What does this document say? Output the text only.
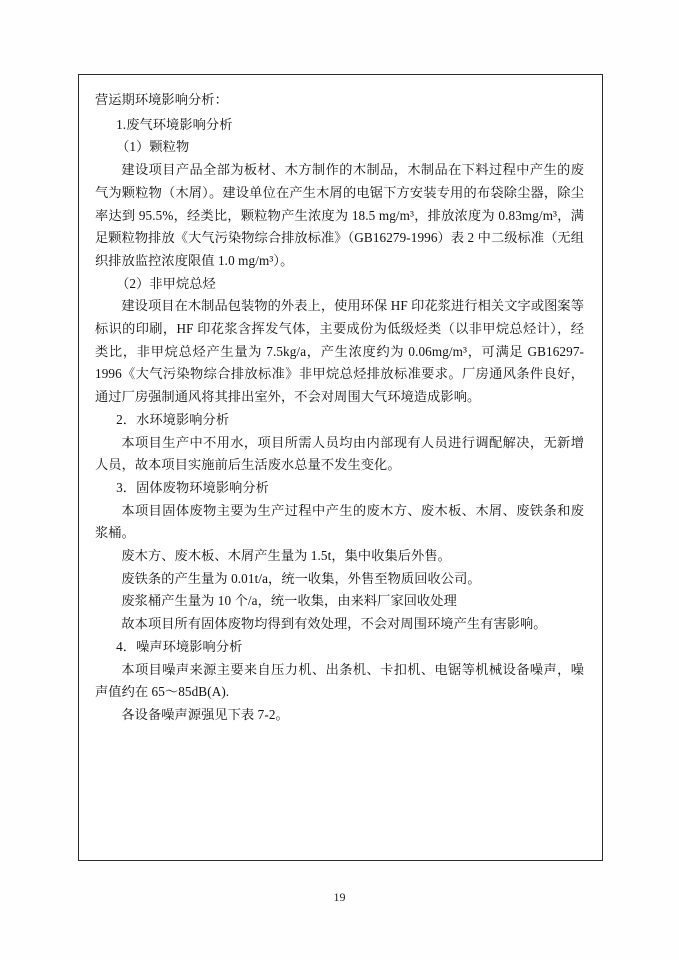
营运期环境影响分析：

1.废气环境影响分析

（1）颗粒物

建设项目产品全部为板材、木方制作的木制品，木制品在下料过程中产生的废气为颗粒物（木屑）。建设单位在产生木屑的电锯下方安装专用的布袋除尘器，除尘率达到 95.5%，经类比，颗粒物产生浓度为 18.5 mg/m³，排放浓度为 0.83mg/m³，满足颗粒物排放《大气污染物综合排放标准》（GB16279-1996）表 2 中二级标准（无组织排放监控浓度限值 1.0 mg/m³）。

（2）非甲烷总烃

建设项目在木制品包装物的外表上，使用环保 HF 印花浆进行相关文字或图案等标识的印刷，HF 印花浆含挥发气体，主要成份为低级烃类（以非甲烷总烃计），经类比，非甲烷总烃产生量为 7.5kg/a，产生浓度约为 0.06mg/m³，可满足 GB16297-1996《大气污染物综合排放标准》非甲烷总烃排放标准要求。厂房通风条件良好，通过厂房强制通风将其排出室外，不会对周围大气环境造成影响。

2．水环境影响分析

本项目生产中不用水，项目所需人员均由内部现有人员进行调配解决，无新增人员，故本项目实施前后生活废水总量不发生变化。

3．固体废物环境影响分析

本项目固体废物主要为生产过程中产生的废木方、废木板、木屑、废铁条和废浆桶。

废木方、废木板、木屑产生量为 1.5t，集中收集后外售。

废铁条的产生量为 0.01t/a，统一收集，外售至物质回收公司。

废浆桶产生量为 10 个/a，统一收集，由来料厂家回收处理

故本项目所有固体废物均得到有效处理，不会对周围环境产生有害影响。

4．噪声环境影响分析

本项目噪声来源主要来自压力机、出条机、卡扣机、电锯等机械设备噪声，噪声值约在 65～85dB(A).

各设备噪声源强见下表 7-2。

19
